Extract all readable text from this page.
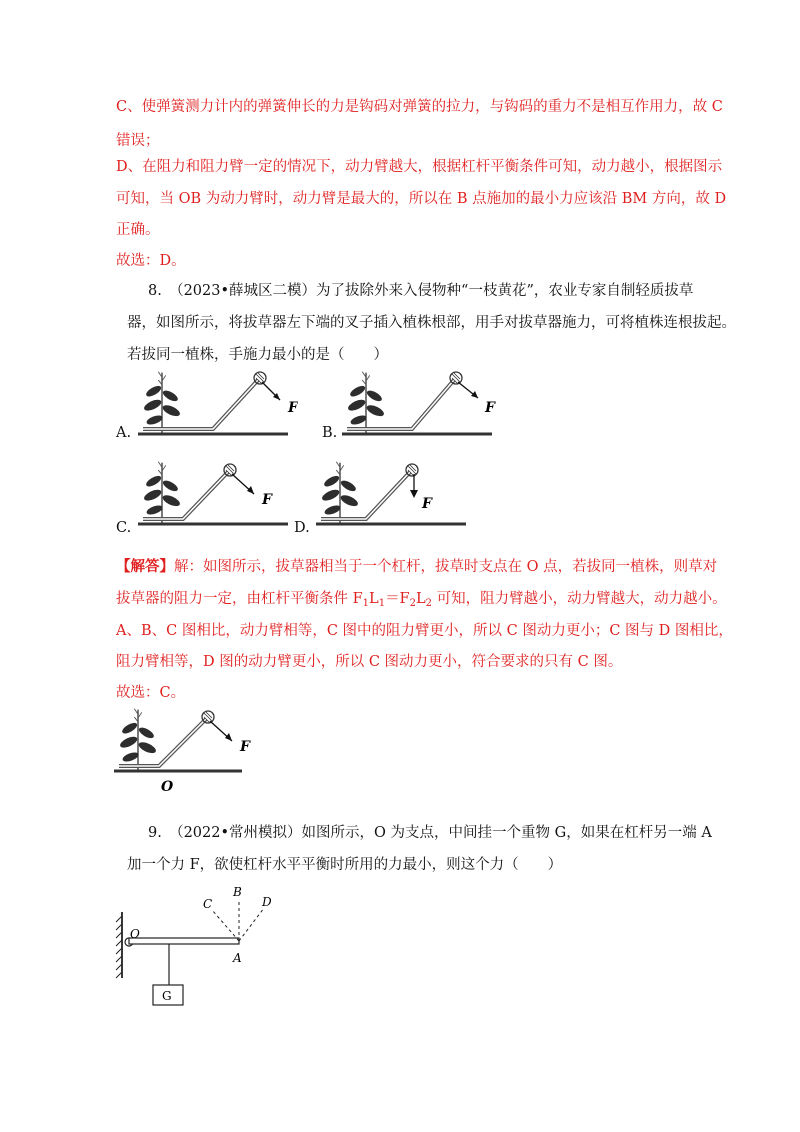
C、使弹簧测力计内的弹簧伸长的力是钩码对弹簧的拉力，与钩码的重力不是相互作用力，故 C
错误；
D、在阻力和阻力臂一定的情况下，动力臂越大，根据杠杆平衡条件可知，动力越小，根据图示
可知，当 OB 为动力臂时，动力臂是最大的，所以在 B 点施加的最小力应该沿 BM 方向，故 D
正确。
故选：D。
8.　（2023•薛城区二模）为了拔除外来入侵物种“一枝黄花”，农业专家自制轻质拔草
器，如图所示，将拔草器左下端的叉子插入植株根部，用手对拔草器施力，可将植株连根拔起。
若拔同一植株，手施力最小的是（　　）
A.
F
B.
F
C.
F
D.
F
【解答】解：如图所示，拔草器相当于一个杠杆，拔草时支点在 O 点，若拔同一植株，则草对
拔草器的阻力一定，由杠杆平衡条件 $F_1L_1=F_2L_2$ 可知，阻力臂越小，动力臂越大，动力越小。
A、B、C 图相比，动力臂相等，C 图中的阻力臂更小，所以 C 图动力更小；C 图与 D 图相比，
阻力臂相等，D 图的动力臂更小，所以 C 图动力更小，符合要求的只有 C 图。
故选：C。
F
O
9.　（2022•常州模拟）如图所示，O 为支点，中间挂一个重物 G，如果在杠杆另一端 A
加一个力 F，欲使杠杆水平平衡时所用的力最小，则这个力（　　）
G
O
A
B
C	D
